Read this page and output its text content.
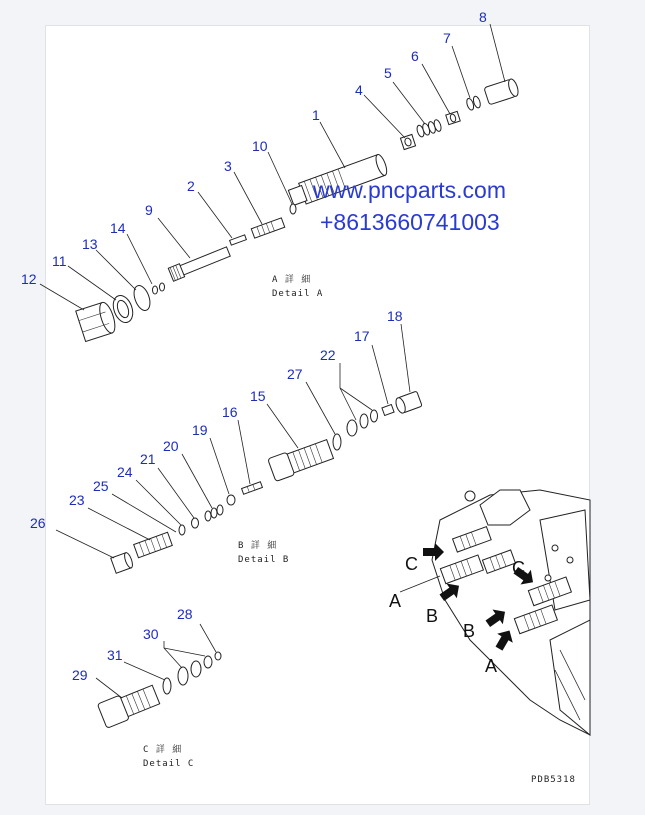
C	C
A
B
B
A
A 詳 細
Detail A
B 詳 細
Detail B
C 詳 細
Detail C
PDB5318
www.pncparts.com
+8613660741003
1
2
3
4
5
6
7
8
9
10
11
12
13
14
15
16
17
18
19
20
21
22
23
24
25
26
27
28
29
30
31
